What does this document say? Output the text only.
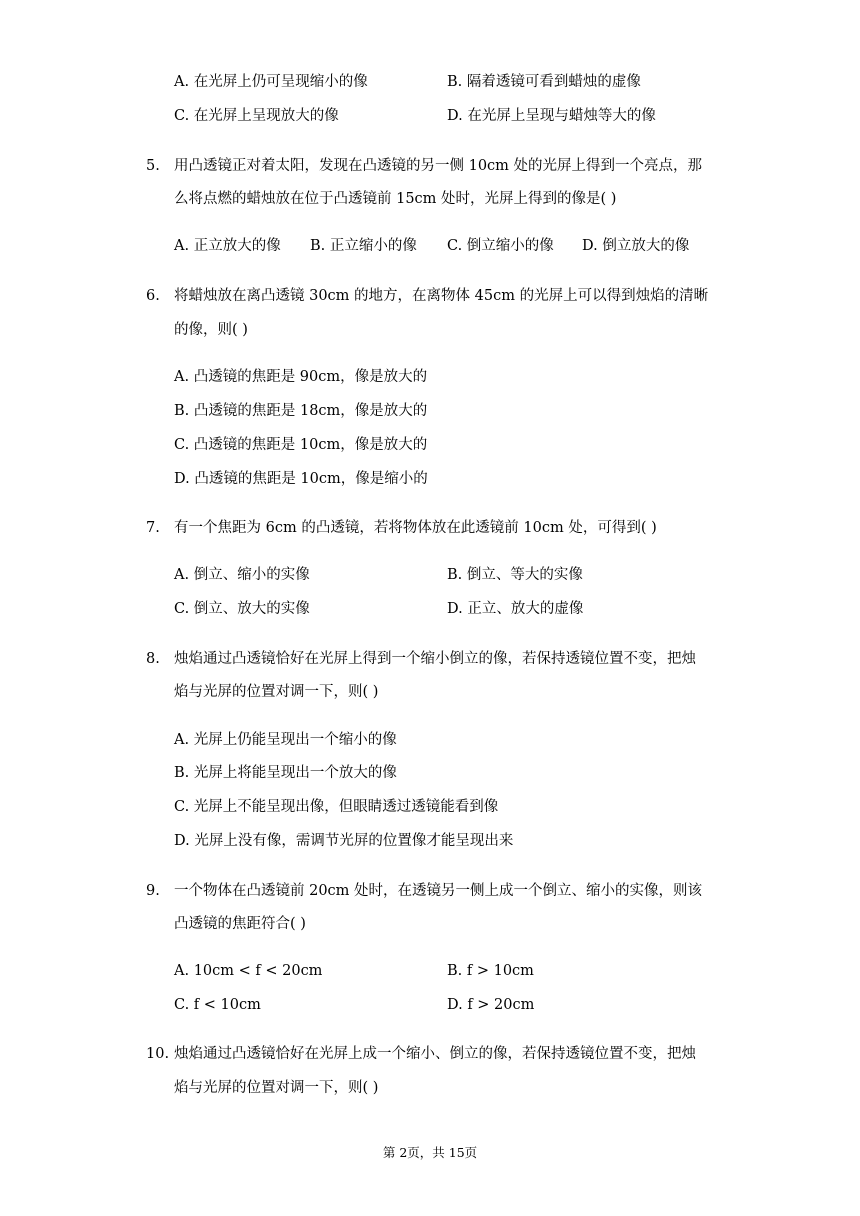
A. 在光屏上仍可呈现缩小的像	B. 隔着透镜可看到蜡烛的虚像
C. 在光屏上呈现放大的像	D. 在光屏上呈现与蜡烛等大的像
5. 用凸透镜正对着太阳，发现在凸透镜的另一侧 10cm 处的光屏上得到一个亮点，那
么将点燃的蜡烛放在位于凸透镜前 15cm 处时，光屏上得到的像是( )
A. 正立放大的像 B. 正立缩小的像 C. 倒立缩小的像 D. 倒立放大的像
6. 将蜡烛放在离凸透镜 30cm 的地方，在离物体 45cm 的光屏上可以得到烛焰的清晰
的像，则( )
A. 凸透镜的焦距是 90cm，像是放大的
B. 凸透镜的焦距是 18cm，像是放大的
C. 凸透镜的焦距是 10cm，像是放大的
D. 凸透镜的焦距是 10cm，像是缩小的
7. 有一个焦距为 6cm 的凸透镜，若将物体放在此透镜前 10cm 处，可得到( )
A. 倒立、缩小的实像	B. 倒立、等大的实像
C. 倒立、放大的实像	D. 正立、放大的虚像
8. 烛焰通过凸透镜恰好在光屏上得到一个缩小倒立的像，若保持透镜位置不变，把烛
焰与光屏的位置对调一下，则( )
A. 光屏上仍能呈现出一个缩小的像
B. 光屏上将能呈现出一个放大的像
C. 光屏上不能呈现出像，但眼睛透过透镜能看到像
D. 光屏上没有像，需调节光屏的位置像才能呈现出来
9. 一个物体在凸透镜前 20cm 处时，在透镜另一侧上成一个倒立、缩小的实像，则该
凸透镜的焦距符合( )
A. 10cm < f < 20cm	B. f > 10cm
C. f < 10cm	D. f > 20cm
10. 烛焰通过凸透镜恰好在光屏上成一个缩小、倒立的像，若保持透镜位置不变，把烛
焰与光屏的位置对调一下，则( )
第 2页，共 15页
